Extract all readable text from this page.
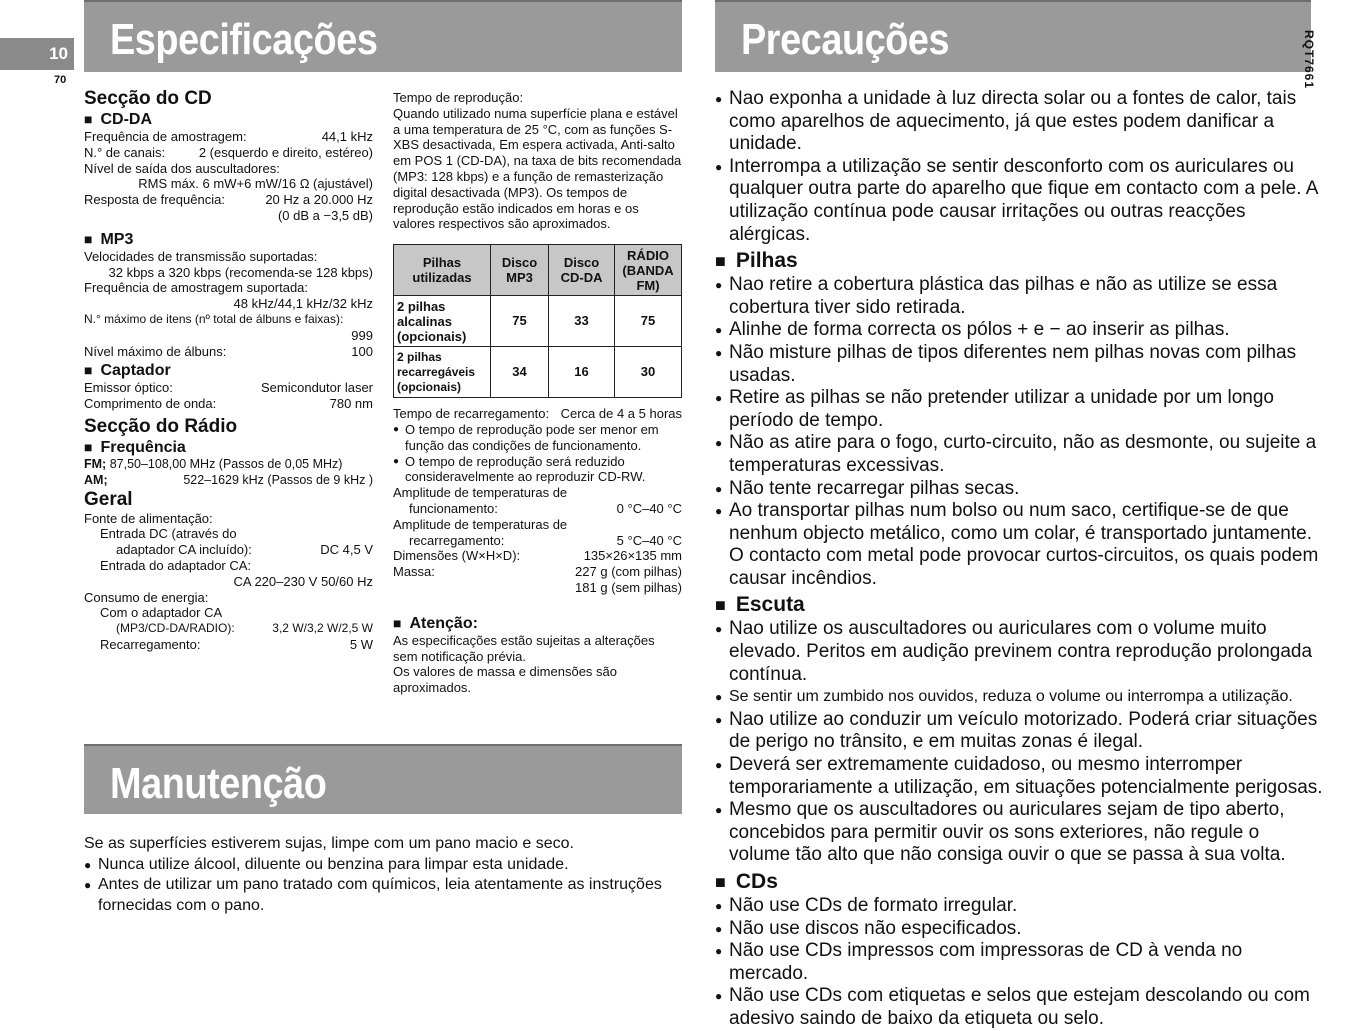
10
70
Especificações	Precauções
Manutenção
RQT7661
Secção do CD
■ CD-DA
Frequência de amostragem:	44,1 kHz
N.° de canais:	2 (esquerdo e direito, estéreo)
Nível de saída dos auscultadores:
RMS máx. 6 mW+6 mW/16 Ω (ajustável)
Resposta de frequência:	20 Hz a 20.000 Hz
(0 dB a −3,5 dB)
■ MP3
Velocidades de transmissão suportadas:
32 kbps a 320 kbps (recomenda-se 128 kbps)
Frequência de amostragem suportada:
48 kHz/44,1 kHz/32 kHz
N.° máximo de itens (nº total de álbuns e faixas):
999
Nível máximo de álbuns:	100
■ Captador
Emissor óptico:	Semicondutor laser
Comprimento de onda:	780 nm
Secção do Rádio
■ Frequência
FM; 87,50–108,00 MHz (Passos de 0,05 MHz)
AM;	522–1629 kHz (Passos de 9 kHz )
Geral
Fonte de alimentação:
Entrada DC (através do
adaptador CA incluído):	DC 4,5 V
Entrada do adaptador CA:
CA 220–230 V 50/60 Hz
Consumo de energia:
Com o adaptador CA
(MP3/CD-DA/RADIO):	3,2 W/3,2 W/2,5 W
Recarregamento:	5 W
Tempo de reprodução:
Quando utilizado numa superfície plana e estável a uma temperatura de 25 °C, com as funções S-XBS desactivada, Em espera activada, Anti-salto em POS 1 (CD-DA), na taxa de bits recomendada (MP3: 128 kbps) e a função de remasterização digital desactivada (MP3). Os tempos de reprodução estão indicados em horas e os valores respectivos são aproximados.
Pilhas utilizadas	Disco MP3	Disco CD-DA	RÁDIO (BANDA FM)
2 pilhas alcalinas (opcionais)	75	33	75
2 pilhas recarregáveis (opcionais)	34	16	30
Tempo de recarregamento: Cerca de 4 a 5 horas
● O tempo de reprodução pode ser menor em função das condições de funcionamento.
● O tempo de reprodução será reduzido consideravelmente ao reproduzir CD-RW.
Amplitude de temperaturas de
funcionamento:	0 °C–40 °C
Amplitude de temperaturas de
recarregamento:	5 °C–40 °C
Dimensões (W×H×D):	135×26×135 mm
Massa:	227 g (com pilhas)
181 g (sem pilhas)
■ Atenção:
As especificações estão sujeitas a alterações sem notificação prévia.
Os valores de massa e dimensões são aproximados.
Se as superfícies estiverem sujas, limpe com um pano macio e seco.
● Nunca utilize álcool, diluente ou benzina para limpar esta unidade.
● Antes de utilizar um pano tratado com químicos, leia atentamente as instruções fornecidas com o pano.
● Nao exponha a unidade à luz directa solar ou a fontes de calor, tais como aparelhos de aquecimento, já que estes podem danificar a unidade.
● Interrompa a utilização se sentir desconforto com os auriculares ou qualquer outra parte do aparelho que fique em contacto com a pele. A utilização contínua pode causar irritações ou outras reacções alérgicas.
■ Pilhas
● Nao retire a cobertura plástica das pilhas e não as utilize se essa cobertura tiver sido retirada.
● Alinhe de forma correcta os pólos + e − ao inserir as pilhas.
● Não misture pilhas de tipos diferentes nem pilhas novas com pilhas usadas.
● Retire as pilhas se não pretender utilizar a unidade por um longo período de tempo.
● Não as atire para o fogo, curto-circuito, não as desmonte, ou sujeite a temperaturas excessivas.
● Não tente recarregar pilhas secas.
● Ao transportar pilhas num bolso ou num saco, certifique-se de que nenhum objecto metálico, como um colar, é transportado juntamente. O contacto com metal pode provocar curtos-circuitos, os quais podem causar incêndios.
■ Escuta
● Nao utilize os auscultadores ou auriculares com o volume muito elevado. Peritos em audição previnem contra reprodução prolongada contínua.
● Se sentir um zumbido nos ouvidos, reduza o volume ou interrompa a utilização.
● Nao utilize ao conduzir um veículo motorizado. Poderá criar situações de perigo no trânsito, e em muitas zonas é ilegal.
● Deverá ser extremamente cuidadoso, ou mesmo interromper temporariamente a utilização, em situações potencialmente perigosas.
● Mesmo que os auscultadores ou auriculares sejam de tipo aberto, concebidos para permitir ouvir os sons exteriores, não regule o volume tão alto que não consiga ouvir o que se passa à sua volta.
■ CDs
● Não use CDs de formato irregular.
● Não use discos não especificados.
● Não use CDs impressos com impressoras de CD à venda no mercado.
● Não use CDs com etiquetas e selos que estejam descolando ou com adesivo saindo de baixo da etiqueta ou selo.
